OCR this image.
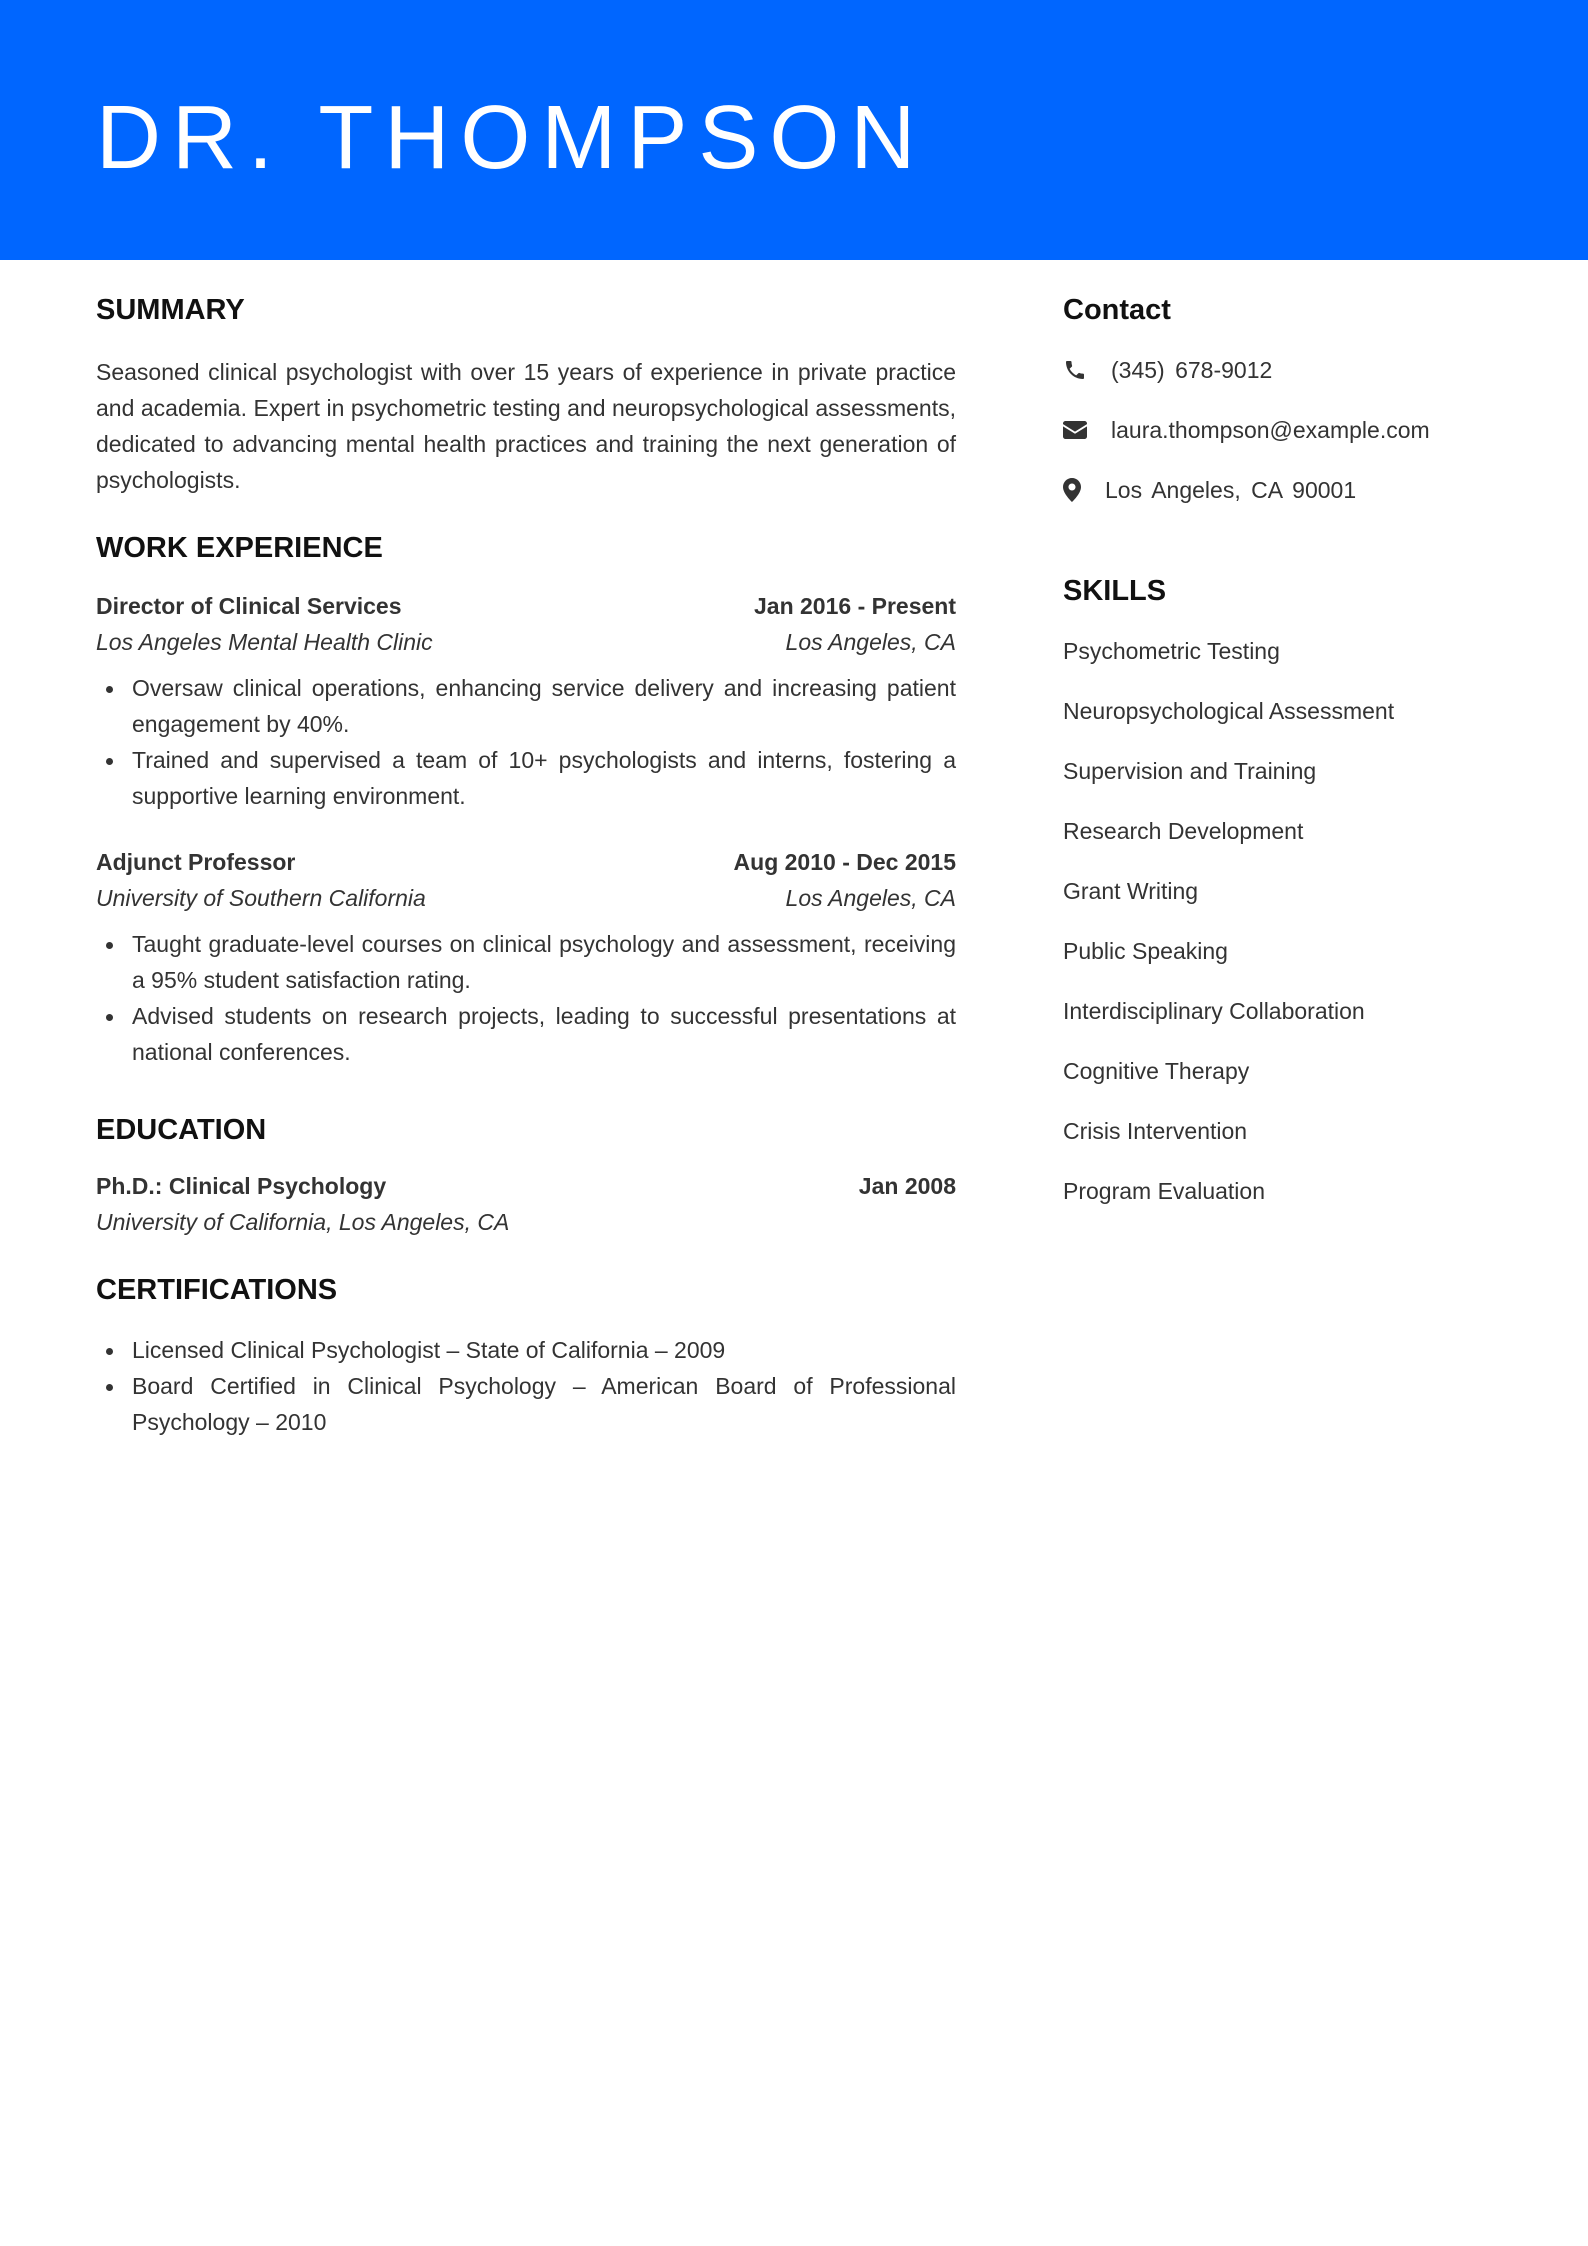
DR. THOMPSON
SUMMARY

Seasoned clinical psychologist with over 15 years of experience in private practice and academia. Expert in psychometric testing and neuropsychological assessments, dedicated to advancing mental health practices and training the next generation of psychologists.

WORK EXPERIENCE
Director of Clinical Services	Jan 2016 - Present
Los Angeles Mental Health Clinic	Los Angeles, CA
Oversaw clinical operations, enhancing service delivery and increasing patient engagement by 40%.
Trained and supervised a team of 10+ psychologists and interns, fostering a supportive learning environment.
Adjunct Professor	Aug 2010 - Dec 2015
University of Southern California	Los Angeles, CA
Taught graduate-level courses on clinical psychology and assessment, receiving a 95% student satisfaction rating.
Advised students on research projects, leading to successful presentations at national conferences.
EDUCATION
Ph.D.: Clinical Psychology	Jan 2008
University of California, Los Angeles, CA
CERTIFICATIONS
Licensed Clinical Psychologist – State of California – 2009
Board Certified in Clinical Psychology – American Board of Professional Psychology – 2010
Contact
(345) 678-9012
laura.thompson@example.com
Los Angeles, CA 90001
SKILLS
Psychometric Testing
Neuropsychological Assessment
Supervision and Training
Research Development
Grant Writing
Public Speaking
Interdisciplinary Collaboration
Cognitive Therapy
Crisis Intervention
Program Evaluation
